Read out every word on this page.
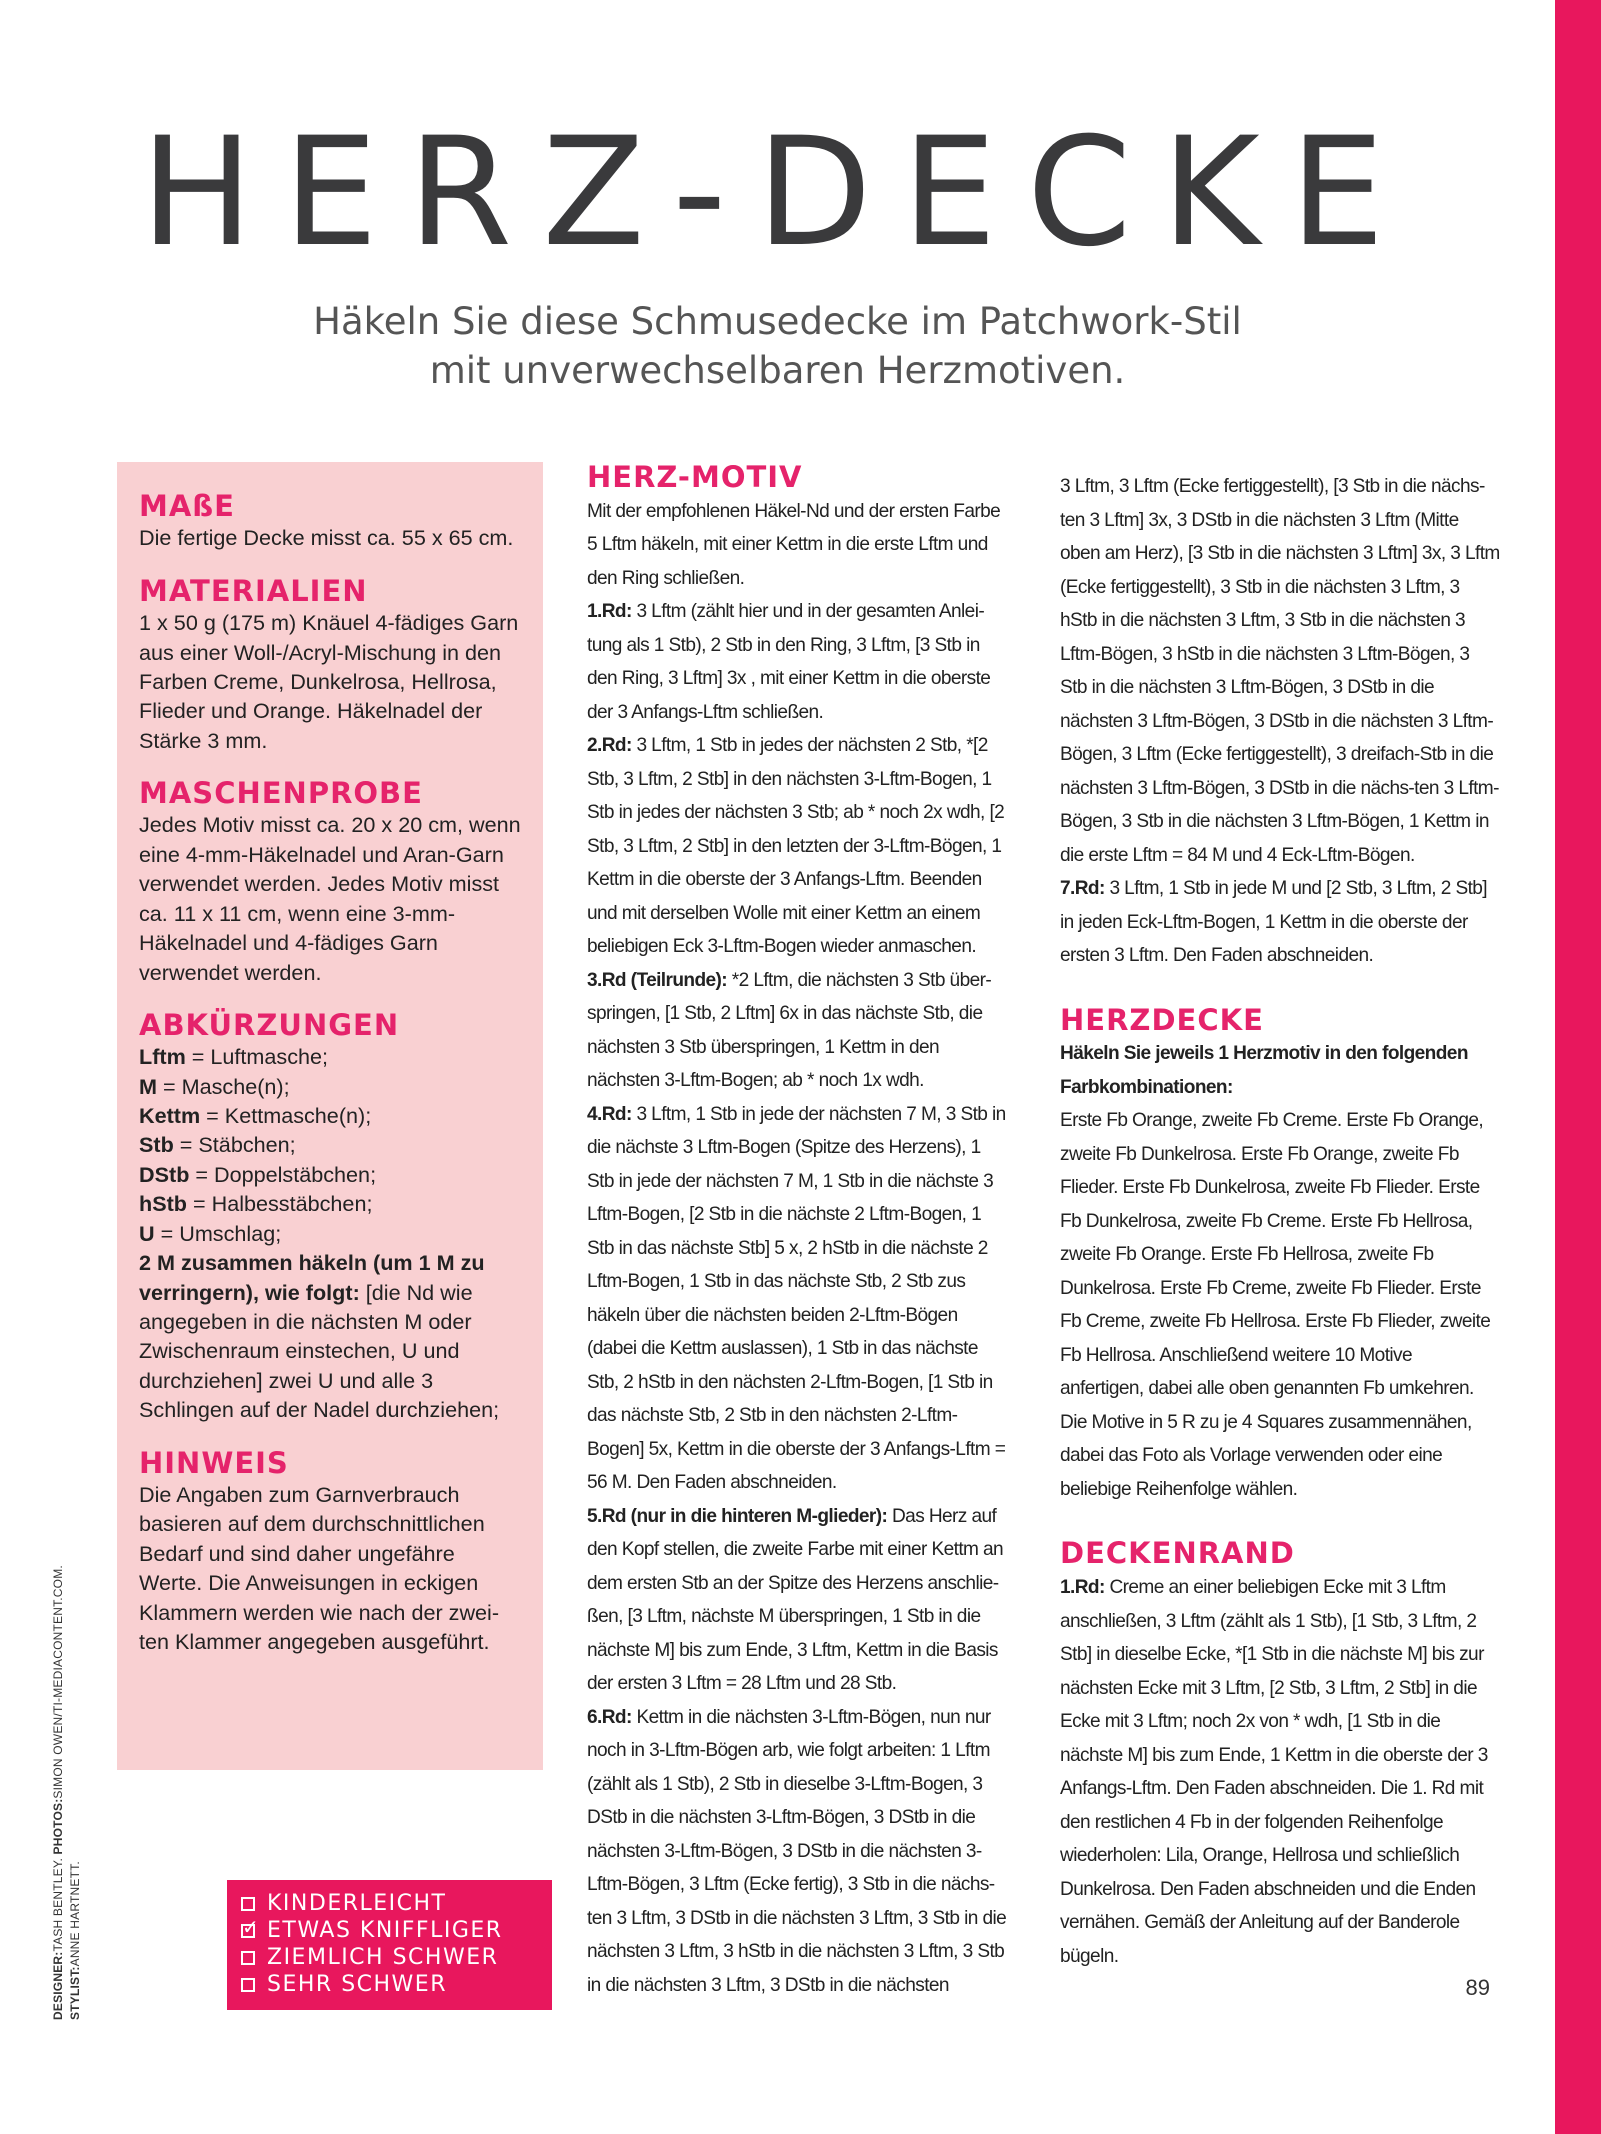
HERZ-DECKE
Häkeln Sie diese Schmusedecke im Patchwork-Stil
mit unverwechselbaren Herzmotiven.
MAßE

Die fertige Decke misst ca. 55 x 65 cm.

MATERIALIEN

1 x 50 g (175 m) Knäuel 4-fädiges Garn aus einer Woll-/Acryl-Mischung in den Farben Creme, Dunkelrosa, Hellrosa, Flieder und Orange. Häkelnadel der Stärke 3 mm.

MASCHENPROBE

Jedes Motiv misst ca. 20 x 20 cm, wenn eine 4-mm-Häkelnadel und Aran-Garn verwendet werden. Jedes Motiv misst ca. 11 x 11 cm, wenn eine 3-mm-Häkelnadel und 4-fädiges Garn verwendet werden.

ABKÜRZUNGEN

Lftm = Luftmasche;

M = Masche(n);

Kettm = Kettmasche(n);

Stb = Stäbchen;

DStb = Doppelstäbchen;

hStb = Halbesstäbchen;

U = Umschlag;

2 M zusammen häkeln (um 1 M zu verringern), wie folgt: [die Nd wie angegeben in die nächsten M oder Zwischenraum einstechen, U und durchziehen] zwei U und alle 3 Schlingen auf der Nadel durchziehen;

HINWEIS

Die Angaben zum Garnverbrauch basieren auf dem durchschnittlichen Bedarf und sind daher ungefähre Werte. Die Anweisungen in eckigen Klammern werden wie nach der zwei-ten Klammer angegeben ausgeführt.

KINDERLEICHT
✓ ETWAS KNIFFLIGER
ZIEMLICH SCHWER
SEHR SCHWER
DESIGNER:TASH BENTLEY. PHOTOS:SIMON OWEN/TI-MEDIACONTENT.COM.
STYLIST:ANNE HARTNETT.
HERZ-MOTIV

Mit der empfohlenen Häkel-Nd und der ersten Farbe 5 Lftm häkeln, mit einer Kettm in die erste Lftm und den Ring schließen.

1.Rd: 3 Lftm (zählt hier und in der gesamten Anlei-tung als 1 Stb), 2 Stb in den Ring, 3 Lftm, [3 Stb in den Ring, 3 Lftm] 3x , mit einer Kettm in die oberste der 3 Anfangs-Lftm schließen.

2.Rd: 3 Lftm, 1 Stb in jedes der nächsten 2 Stb, *[2 Stb, 3 Lftm, 2 Stb] in den nächsten 3-Lftm-Bogen, 1 Stb in jedes der nächsten 3 Stb; ab * noch 2x wdh, [2 Stb, 3 Lftm, 2 Stb] in den letzten der 3-Lftm-Bögen, 1 Kettm in die oberste der 3 Anfangs-Lftm. Beenden und mit derselben Wolle mit einer Kettm an einem beliebigen Eck 3-Lftm-Bogen wieder anmaschen.

3.Rd (Teilrunde): *2 Lftm, die nächsten 3 Stb über-springen, [1 Stb, 2 Lftm] 6x in das nächste Stb, die nächsten 3 Stb überspringen, 1 Kettm in den nächsten 3-Lftm-Bogen; ab * noch 1x wdh.

4.Rd: 3 Lftm, 1 Stb in jede der nächsten 7 M, 3 Stb in die nächste 3 Lftm-Bogen (Spitze des Herzens), 1 Stb in jede der nächsten 7 M, 1 Stb in die nächste 3 Lftm-Bogen, [2 Stb in die nächste 2 Lftm-Bogen, 1 Stb in das nächste Stb] 5 x, 2 hStb in die nächste 2 Lftm-Bogen, 1 Stb in das nächste Stb, 2 Stb zus häkeln über die nächsten beiden 2-Lftm-Bögen (dabei die Kettm auslassen), 1 Stb in das nächste Stb, 2 hStb in den nächsten 2-Lftm-Bogen, [1 Stb in das nächste Stb, 2 Stb in den nächsten 2-Lftm-Bogen] 5x, Kettm in die oberste der 3 Anfangs-Lftm = 56 M. Den Faden abschneiden.

5.Rd (nur in die hinteren M-glieder): Das Herz auf den Kopf stellen, die zweite Farbe mit einer Kettm an dem ersten Stb an der Spitze des Herzens anschlie-ßen, [3 Lftm, nächste M überspringen, 1 Stb in die nächste M] bis zum Ende, 3 Lftm, Kettm in die Basis der ersten 3 Lftm = 28 Lftm und 28 Stb.

6.Rd: Kettm in die nächsten 3-Lftm-Bögen, nun nur noch in 3-Lftm-Bögen arb, wie folgt arbeiten: 1 Lftm (zählt als 1 Stb), 2 Stb in dieselbe 3-Lftm-Bogen, 3 DStb in die nächsten 3-Lftm-Bögen, 3 DStb in die nächsten 3-Lftm-Bögen, 3 DStb in die nächsten 3-Lftm-Bögen, 3 Lftm (Ecke fertig), 3 Stb in die nächs-ten 3 Lftm, 3 DStb in die nächsten 3 Lftm, 3 Stb in die nächsten 3 Lftm, 3 hStb in die nächsten 3 Lftm, 3 Stb in die nächsten 3 Lftm, 3 DStb in die nächsten

3 Lftm, 3 Lftm (Ecke fertiggestellt), [3 Stb in die nächs-ten 3 Lftm] 3x, 3 DStb in die nächsten 3 Lftm (Mitte oben am Herz), [3 Stb in die nächsten 3 Lftm] 3x, 3 Lftm (Ecke fertiggestellt), 3 Stb in die nächsten 3 Lftm, 3 hStb in die nächsten 3 Lftm, 3 Stb in die nächsten 3 Lftm-Bögen, 3 hStb in die nächsten 3 Lftm-Bögen, 3 Stb in die nächsten 3 Lftm-Bögen, 3 DStb in die nächsten 3 Lftm-Bögen, 3 DStb in die nächsten 3 Lftm-Bögen, 3 Lftm (Ecke fertiggestellt), 3 dreifach-Stb in die nächsten 3 Lftm-Bögen, 3 DStb in die nächs-ten 3 Lftm-Bögen, 3 Stb in die nächsten 3 Lftm-Bögen, 1 Kettm in die erste Lftm = 84 M und 4 Eck-Lftm-Bögen.

7.Rd: 3 Lftm, 1 Stb in jede M und [2 Stb, 3 Lftm, 2 Stb] in jeden Eck-Lftm-Bogen, 1 Kettm in die oberste der ersten 3 Lftm. Den Faden abschneiden.

HERZDECKE

Häkeln Sie jeweils 1 Herzmotiv in den folgenden Farbkombinationen:

Erste Fb Orange, zweite Fb Creme. Erste Fb Orange, zweite Fb Dunkelrosa. Erste Fb Orange, zweite Fb Flieder. Erste Fb Dunkelrosa, zweite Fb Flieder. Erste Fb Dunkelrosa, zweite Fb Creme. Erste Fb Hellrosa, zweite Fb Orange. Erste Fb Hellrosa, zweite Fb Dunkelrosa. Erste Fb Creme, zweite Fb Flieder. Erste Fb Creme, zweite Fb Hellrosa. Erste Fb Flieder, zweite Fb Hellrosa. Anschließend weitere 10 Motive anfertigen, dabei alle oben genannten Fb umkehren. Die Motive in 5 R zu je 4 Squares zusammennähen, dabei das Foto als Vorlage verwenden oder eine beliebige Reihenfolge wählen.

DECKENRAND

1.Rd: Creme an einer beliebigen Ecke mit 3 Lftm anschließen, 3 Lftm (zählt als 1 Stb), [1 Stb, 3 Lftm, 2 Stb] in dieselbe Ecke, *[1 Stb in die nächste M] bis zur nächsten Ecke mit 3 Lftm, [2 Stb, 3 Lftm, 2 Stb] in die Ecke mit 3 Lftm; noch 2x von * wdh, [1 Stb in die nächste M] bis zum Ende, 1 Kettm in die oberste der 3 Anfangs-Lftm. Den Faden abschneiden. Die 1. Rd mit den restlichen 4 Fb in der folgenden Reihenfolge wiederholen: Lila, Orange, Hellrosa und schließlich Dunkelrosa. Den Faden abschneiden und die Enden vernähen. Gemäß der Anleitung auf der Banderole bügeln.

89
